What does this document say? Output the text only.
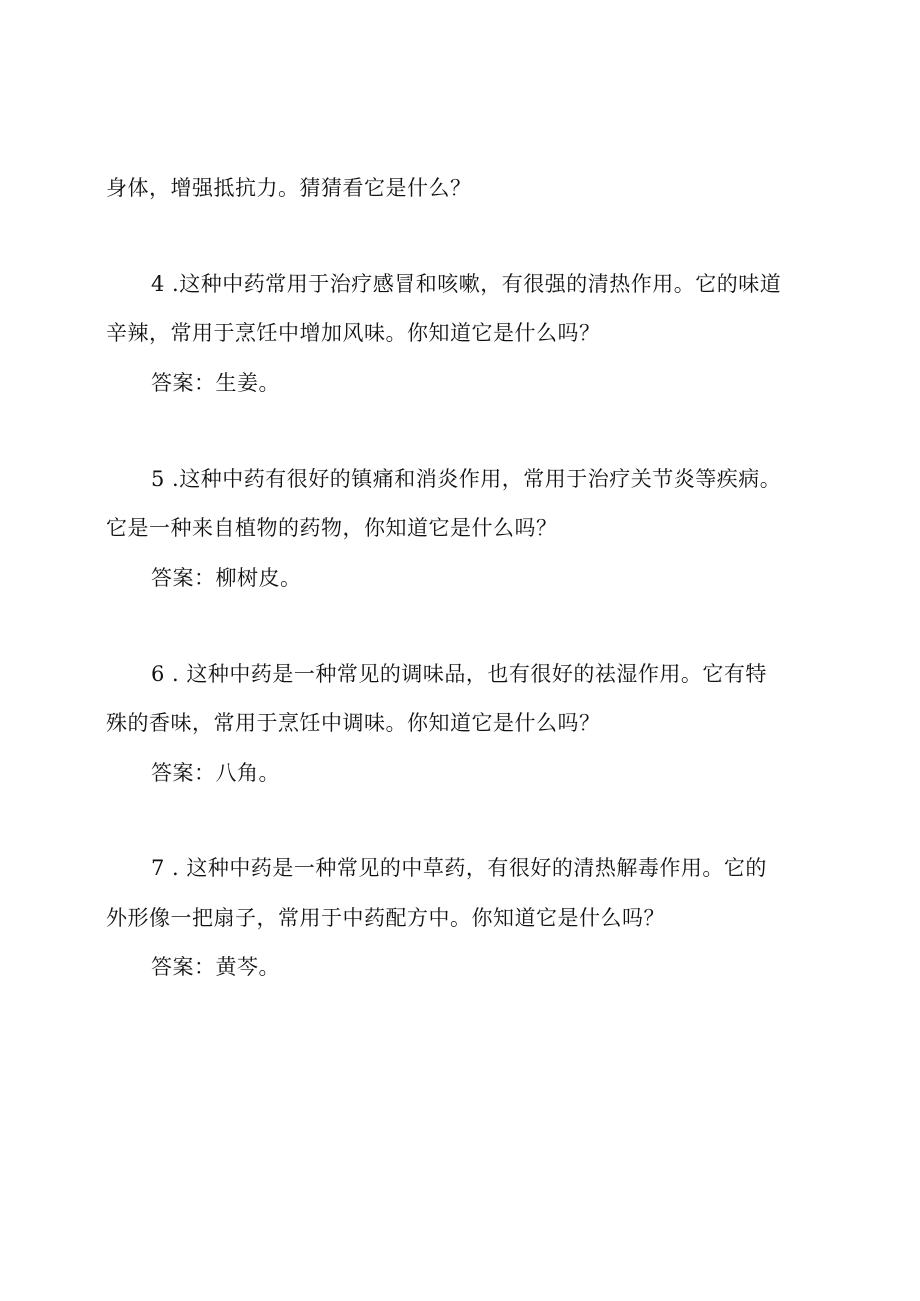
身体，增强抵抗力。猜猜看它是什么？
4 .这种中药常用于治疗感冒和咳嗽，有很强的清热作用。它的味道
辛辣，常用于烹饪中增加风味。你知道它是什么吗？
答案：生姜。
5 .这种中药有很好的镇痛和消炎作用，常用于治疗关节炎等疾病。
它是一种来自植物的药物，你知道它是什么吗？
答案：柳树皮。
6 . 这种中药是一种常见的调味品，也有很好的祛湿作用。它有特
殊的香味，常用于烹饪中调味。你知道它是什么吗？
答案：八角。
7 . 这种中药是一种常见的中草药，有很好的清热解毒作用。它的
外形像一把扇子，常用于中药配方中。你知道它是什么吗？
答案：黄芩。
